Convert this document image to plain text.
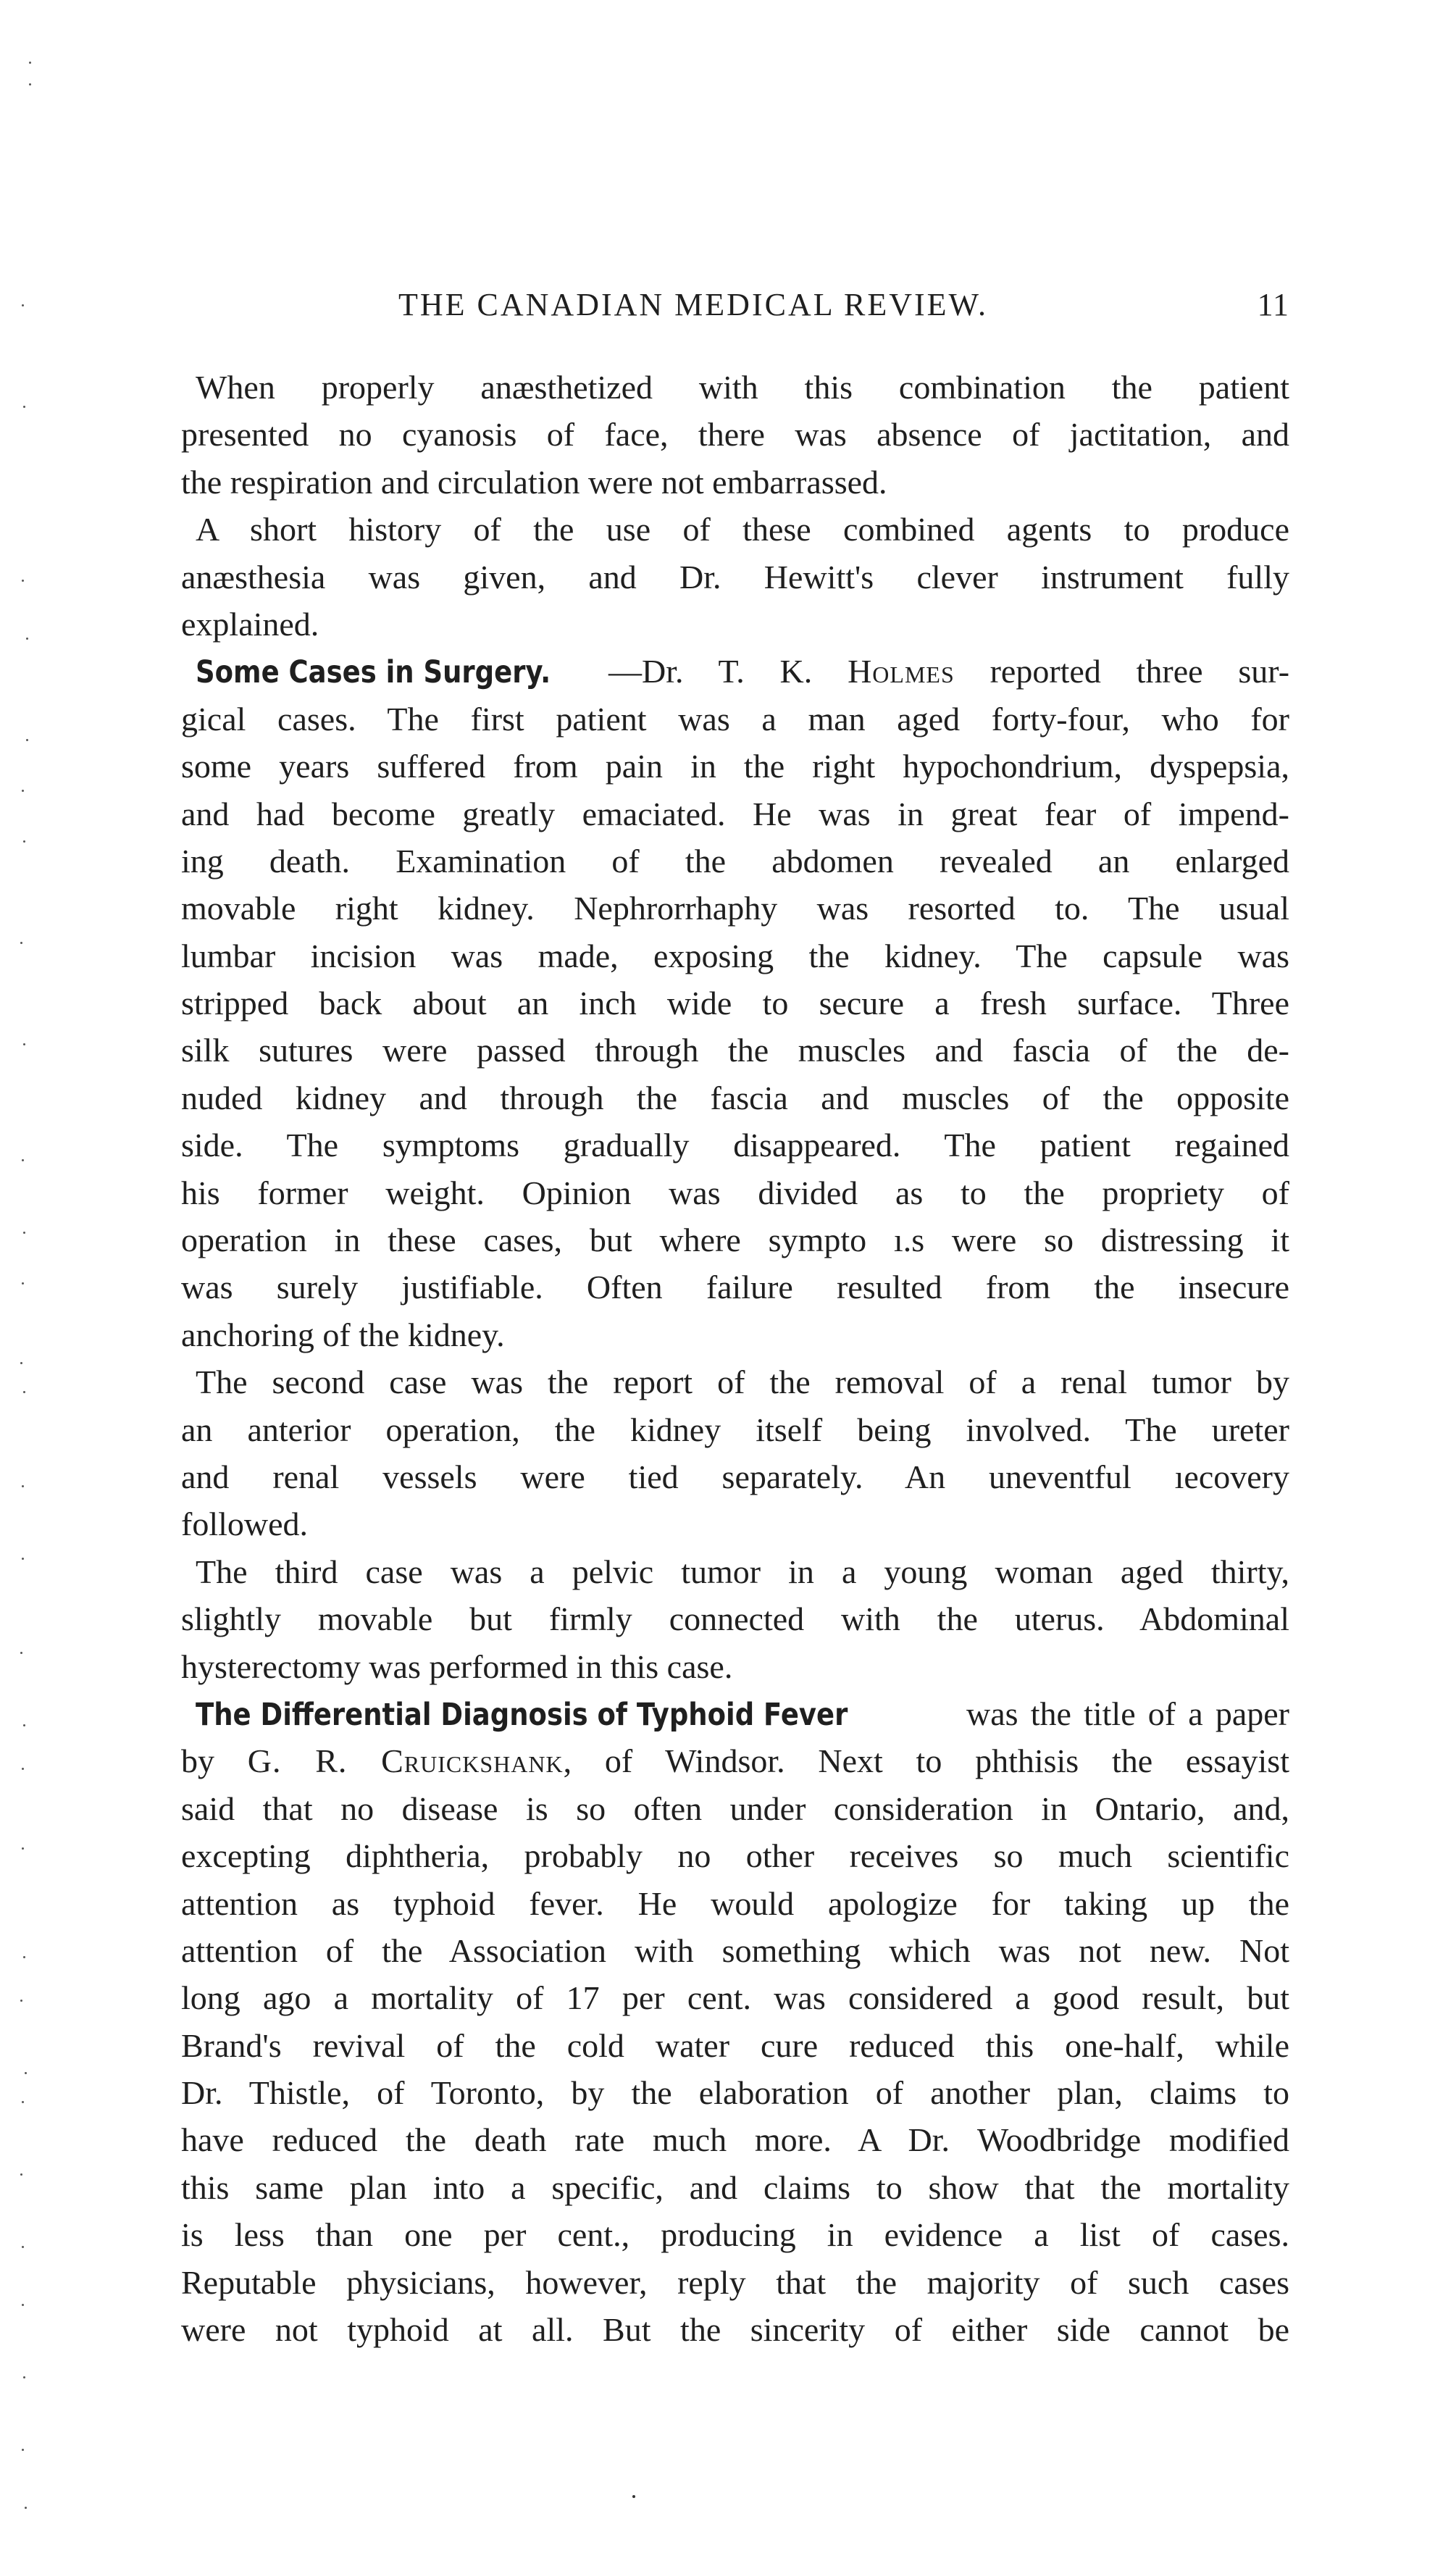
THE CANADIAN MEDICAL REVIEW.	11
When properly anæsthetized with this combination the patient
presented no cyanosis of face, there was absence of jactitation, and
the respiration and circulation were not embarrassed.
A short history of the use of these combined agents to produce
anæsthesia was given, and Dr. Hewitt's clever instrument fully
explained.
Some Cases in Surgery. —Dr. T. K. Holmes reported three sur-
gical cases. The first patient was a man aged forty-four, who for
some years suffered from pain in the right hypochondrium, dyspepsia,
and had become greatly emaciated. He was in great fear of impend-
ing death. Examination of the abdomen revealed an enlarged
movable right kidney. Nephrorrhaphy was resorted to. The usual
lumbar incision was made, exposing the kidney. The capsule was
stripped back about an inch wide to secure a fresh surface. Three
silk sutures were passed through the muscles and fascia of the de-
nuded kidney and through the fascia and muscles of the opposite
side. The symptoms gradually disappeared. The patient regained
his former weight. Opinion was divided as to the propriety of
operation in these cases, but where sympto ı.s were so distressing it
was surely justifiable. Often failure resulted from the insecure
anchoring of the kidney.
The second case was the report of the removal of a renal tumor by
an anterior operation, the kidney itself being involved. The ureter
and renal vessels were tied separately. An uneventful ıecovery
followed.
The third case was a pelvic tumor in a young woman aged thirty,
slightly movable but firmly connected with the uterus. Abdominal
hysterectomy was performed in this case.
The Differential Diagnosis of Typhoid Fever	was the title of a paper
by G. R. Cruickshank, of Windsor. Next to phthisis the essayist
said that no disease is so often under consideration in Ontario, and,
excepting diphtheria, probably no other receives so much scientific
attention as typhoid fever. He would apologize for taking up the
attention of the Association with something which was not new. Not
long ago a mortality of 17 per cent. was considered a good result, but
Brand's revival of the cold water cure reduced this one-half, while
Dr. Thistle, of Toronto, by the elaboration of another plan, claims to
have reduced the death rate much more. A Dr. Woodbridge modified
this same plan into a specific, and claims to show that the mortality
is less than one per cent., producing in evidence a list of cases.
Reputable physicians, however, reply that the majority of such cases
were not typhoid at all. But the sincerity of either side cannot be
